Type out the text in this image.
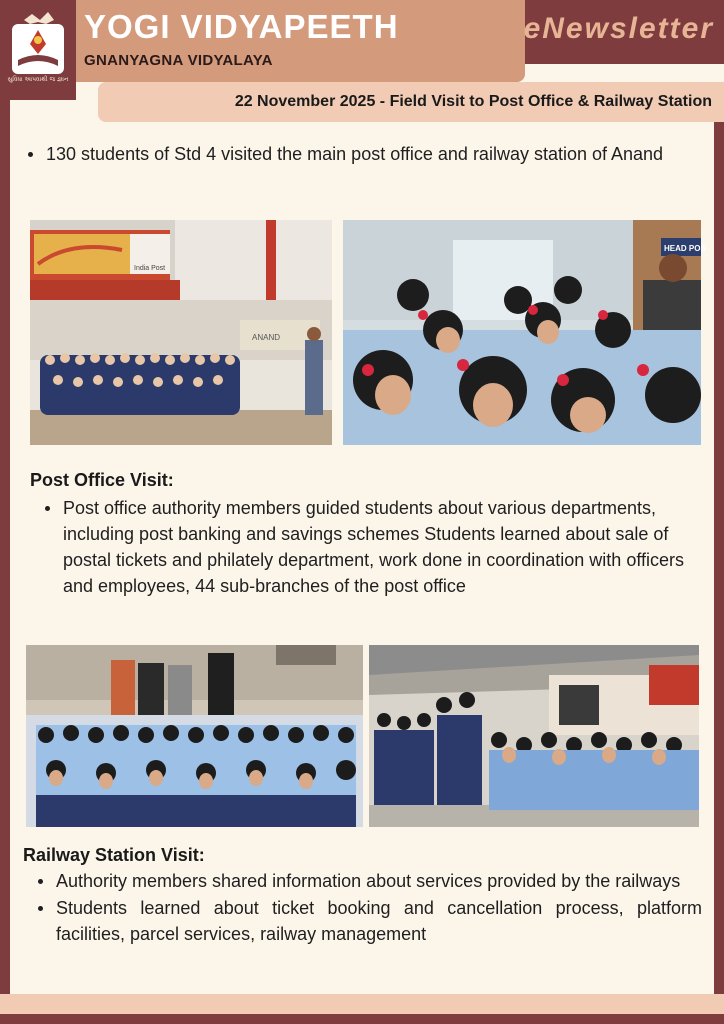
સુવિધા આપવાથી જ જ્ઞાન
YOGI VIDYAPEETH
GNANYAGNA VIDYALAYA
eNewsletter
22 November 2025 - Field Visit to Post Office & Railway Station
130 students of Std 4 visited the main post office and railway station of Anand
India Post
ANAND
HEAD POS
Post Office Visit:
Post office authority members guided students about various departments, including post banking and savings schemes Students learned about sale of postal tickets and philately department, work done in coordination with officers and employees, 44 sub-branches of the post office
Railway Station Visit:
Authority members shared information about services provided by the railways
Students learned about ticket booking and cancellation process, platform facilities, parcel services, railway management
